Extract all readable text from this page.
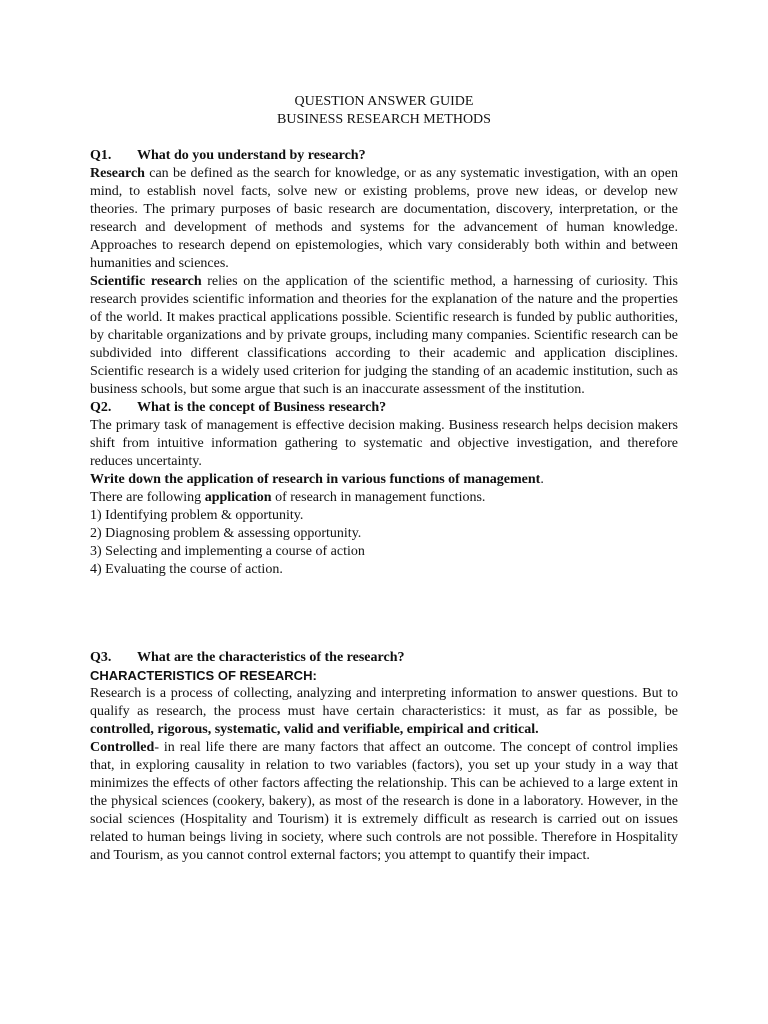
QUESTION ANSWER GUIDE
BUSINESS RESEARCH METHODS
Q1.	What do you understand by research?

Research can be defined as the search for knowledge, or as any systematic investigation, with an open mind, to establish novel facts, solve new or existing problems, prove new ideas, or develop new theories. The primary purposes of basic research are documentation, discovery, interpretation, or the research and development of methods and systems for the advancement of human knowledge. Approaches to research depend on epistemologies, which vary considerably both within and between humanities and sciences.

Scientific research relies on the application of the scientific method, a harnessing of curiosity. This research provides scientific information and theories for the explanation of the nature and the properties of the world. It makes practical applications possible. Scientific research is funded by public authorities, by charitable organizations and by private groups, including many companies. Scientific research can be subdivided into different classifications according to their academic and application disciplines. Scientific research is a widely used criterion for judging the standing of an academic institution, such as business schools, but some argue that such is an inaccurate assessment of the institution.

Q2.	What is the concept of Business research?

The primary task of management is effective decision making. Business research helps decision makers shift from intuitive information gathering to systematic and objective investigation, and therefore reduces uncertainty.

Write down the application of research in various functions of management.
There are following application of research in management functions.
1) Identifying problem & opportunity.
2) Diagnosing problem & assessing opportunity.
3) Selecting and implementing a course of action
4) Evaluating the course of action.
Q3.	What are the characteristics of the research?
CHARACTERISTICS OF RESEARCH:

Research is a process of collecting, analyzing and interpreting information to answer questions. But to qualify as research, the process must have certain characteristics: it must, as far as possible, be controlled, rigorous, systematic, valid and verifiable, empirical and critical.

Controlled- in real life there are many factors that affect an outcome. The concept of control implies that, in exploring causality in relation to two variables (factors), you set up your study in a way that minimizes the effects of other factors affecting the relationship. This can be achieved to a large extent in the physical sciences (cookery, bakery), as most of the research is done in a laboratory. However, in the social sciences (Hospitality and Tourism) it is extremely difficult as research is carried out on issues related to human beings living in society, where such controls are not possible. Therefore in Hospitality and Tourism, as you cannot control external factors; you attempt to quantify their impact.
